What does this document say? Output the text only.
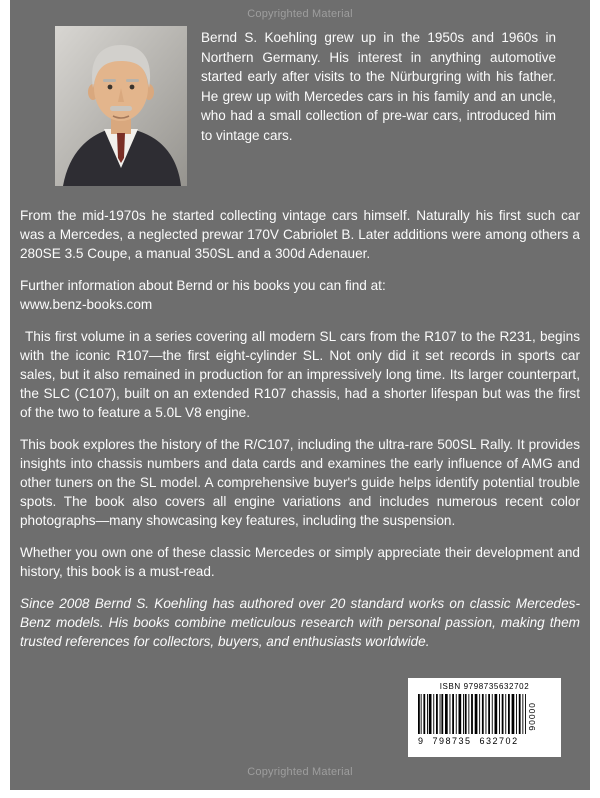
Copyrighted Material

Bernd S. Koehling grew up in the 1950s and 1960s in Northern Germany. His interest in anything automotive started early after visits to the Nürburgring with his father. He grew up with Mercedes cars in his family and an uncle, who had a small collection of pre-war cars, introduced him to vintage cars.

From the mid-1970s he started collecting vintage cars himself. Naturally his first such car was a Mercedes, a neglected prewar 170V Cabriolet B. Later additions were among others a 280SE 3.5 Coupe, a manual 350SL and a 300d Adenauer.

Further information about Bernd or his books you can find at:
www.benz-books.com

This first volume in a series covering all modern SL cars from the R107 to the R231, begins with the iconic R107—the first eight-cylinder SL. Not only did it set records in sports car sales, but it also remained in production for an impressively long time. Its larger counterpart, the SLC (C107), built on an extended R107 chassis, had a shorter lifespan but was the first of the two to feature a 5.0L V8 engine.

This book explores the history of the R/C107, including the ultra-rare 500SL Rally. It provides insights into chassis numbers and data cards and examines the early influence of AMG and other tuners on the SL model. A comprehensive buyer's guide helps identify potential trouble spots. The book also covers all engine variations and includes numerous recent color photographs—many showcasing key features, including the suspension.

Whether you own one of these classic Mercedes or simply appreciate their development and history, this book is a must-read.

Since 2008 Bernd S. Koehling has authored over 20 standard works on classic Mercedes-Benz models. His books combine meticulous research with personal passion, making them trusted references for collectors, buyers, and enthusiasts worldwide.

ISBN 9798735632702
90000
9  798735  632702
Copyrighted Material
